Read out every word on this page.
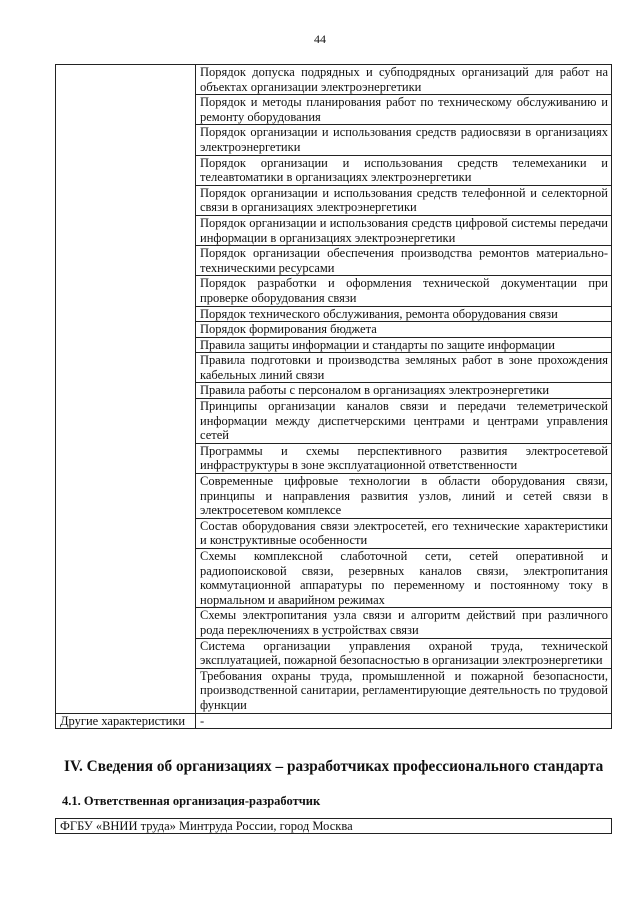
44
	Порядок допуска подрядных и субподрядных организаций для работ на объектах организации электроэнергетики
	Порядок и методы планирования работ по техническому обслуживанию и ремонту оборудования
	Порядок организации и использования средств радиосвязи в организациях электроэнергетики
	Порядок организации и использования средств телемеханики и телеавтоматики в организациях электроэнергетики
	Порядок организации и использования средств телефонной и селекторной связи в организациях электроэнергетики
	Порядок организации и использования средств цифровой системы передачи информации в организациях электроэнергетики
	Порядок организации обеспечения производства ремонтов материально-техническими ресурсами
	Порядок разработки и оформления технической документации при проверке оборудования связи
	Порядок технического обслуживания, ремонта оборудования связи
	Порядок формирования бюджета
	Правила защиты информации и стандарты по защите информации
	Правила подготовки и производства земляных работ в зоне прохождения кабельных линий связи
	Правила работы с персоналом в организациях электроэнергетики
	Принципы организации каналов связи и передачи телеметрической информации между диспетчерскими центрами и центрами управления сетей
	Программы и схемы перспективного развития электросетевой инфраструктуры в зоне эксплуатационной ответственности
	Современные цифровые технологии в области оборудования связи, принципы и направления развития узлов, линий и сетей связи в электросетевом комплексе
	Состав оборудования связи электросетей, его технические характеристики и конструктивные особенности
	Схемы комплексной слаботочной сети, сетей оперативной и радиопоисковой связи, резервных каналов связи, электропитания коммутационной аппаратуры по переменному и постоянному току в нормальном и аварийном режимах
	Схемы электропитания узла связи и алгоритм действий при различного рода переключениях в устройствах связи
	Система организации управления охраной труда, технической эксплуатацией, пожарной безопасностью в организации электроэнергетики
	Требования охраны труда, промышленной и пожарной безопасности, производственной санитарии, регламентирующие деятельность по трудовой функции
Другие характеристики	-
IV. Сведения об организациях – разработчиках профессионального стандарта
4.1. Ответственная организация-разработчик
ФГБУ «ВНИИ труда» Минтруда России, город Москва
